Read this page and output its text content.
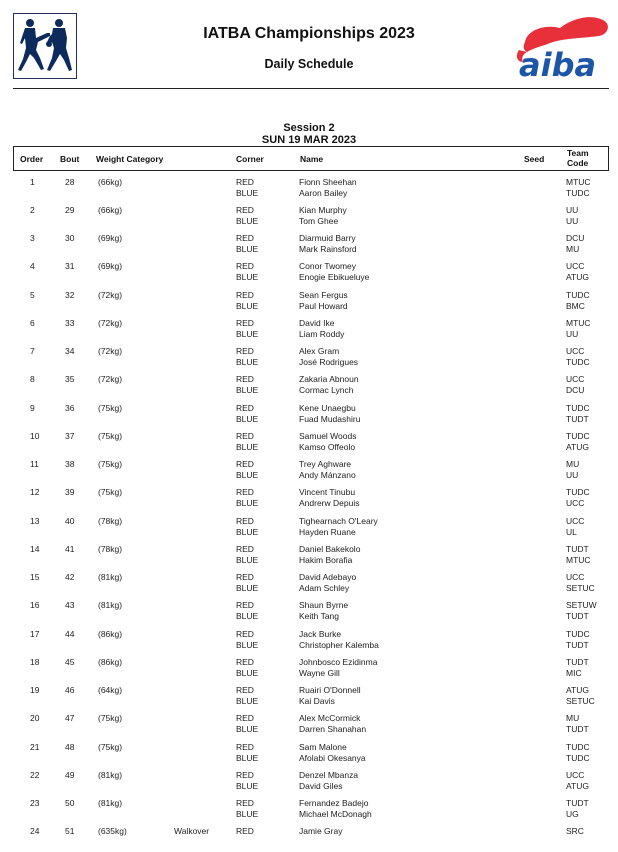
aiba
IATBA Championships 2023
Daily Schedule
Session 2
SUN 19 MAR 2023
Order Bout Weight Category	Corner	Name	Seed
Team
Code
1	28	(66kg)	RED	Fionn Sheehan	MTUC
BLUE	Aaron Bailey	TUDC
2	29	(66kg)	RED	Kian Murphy	UU
BLUE	Tom Ghee	UU
3	30	(69kg)	RED	Diarmuid Barry	DCU
BLUE	Mark Rainsford	MU
4	31	(69kg)	RED	Conor Twomey	UCC
BLUE	Enogie Ebikueluye	ATUG
5	32	(72kg)	RED	Sean Fergus	TUDC
BLUE	Paul Howard	BMC
6	33	(72kg)	RED	David Ike	MTUC
BLUE	Liam Roddy	UU
7	34	(72kg)	RED	Alex Gram	UCC
BLUE	José Rodrigues	TUDC
8	35	(72kg)	RED	Zakaria Abnoun	UCC
BLUE	Cormac Lynch	DCU
9	36	(75kg)	RED	Kene Unaegbu	TUDC
BLUE	Fuad Mudashiru	TUDT
10	37	(75kg)	RED	Samuel Woods	TUDC
BLUE	Kamso Offeolo	ATUG
11	38	(75kg)	RED	Trey Aghware	MU
BLUE	Andy Mánzano	UU
12	39	(75kg)	RED	Vincent Tinubu	TUDC
BLUE	Andrerw Depuis	UCC
13	40	(78kg)	RED	Tighearnach O'Leary	UCC
BLUE	Hayden Ruane	UL
14	41	(78kg)	RED	Daniel Bakekolo	TUDT
BLUE	Hakim Borafia	MTUC
15	42	(81kg)	RED	David Adebayo	UCC
BLUE	Adam Schley	SETUC
16	43	(81kg)	RED	Shaun Byrne	SETUW
BLUE	Keith Tang	TUDT
17	44	(86kg)	RED	Jack Burke	TUDC
BLUE	Christopher Kalemba	TUDT
18	45	(86kg)	RED	Johnbosco Ezidinma	TUDT
BLUE	Wayne Gill	MIC
19	46	(64kg)	RED	Ruairi O'Donnell	ATUG
BLUE	Kai Davis	SETUC
20	47	(75kg)	RED	Alex McCormick	MU
BLUE	Darren Shanahan	TUDT
21	48	(75kg)	RED	Sam Malone	TUDC
BLUE	Afolabi Okesanya	TUDC
22	49	(81kg)	RED	Denzel Mbanza	UCC
BLUE	David Giles	ATUG
23	50	(81kg)	RED	Fernandez Badejo	TUDT
BLUE	Michael McDonagh	UG
24	51	(635kg)	Walkover	RED	Jamie Gray	SRC
